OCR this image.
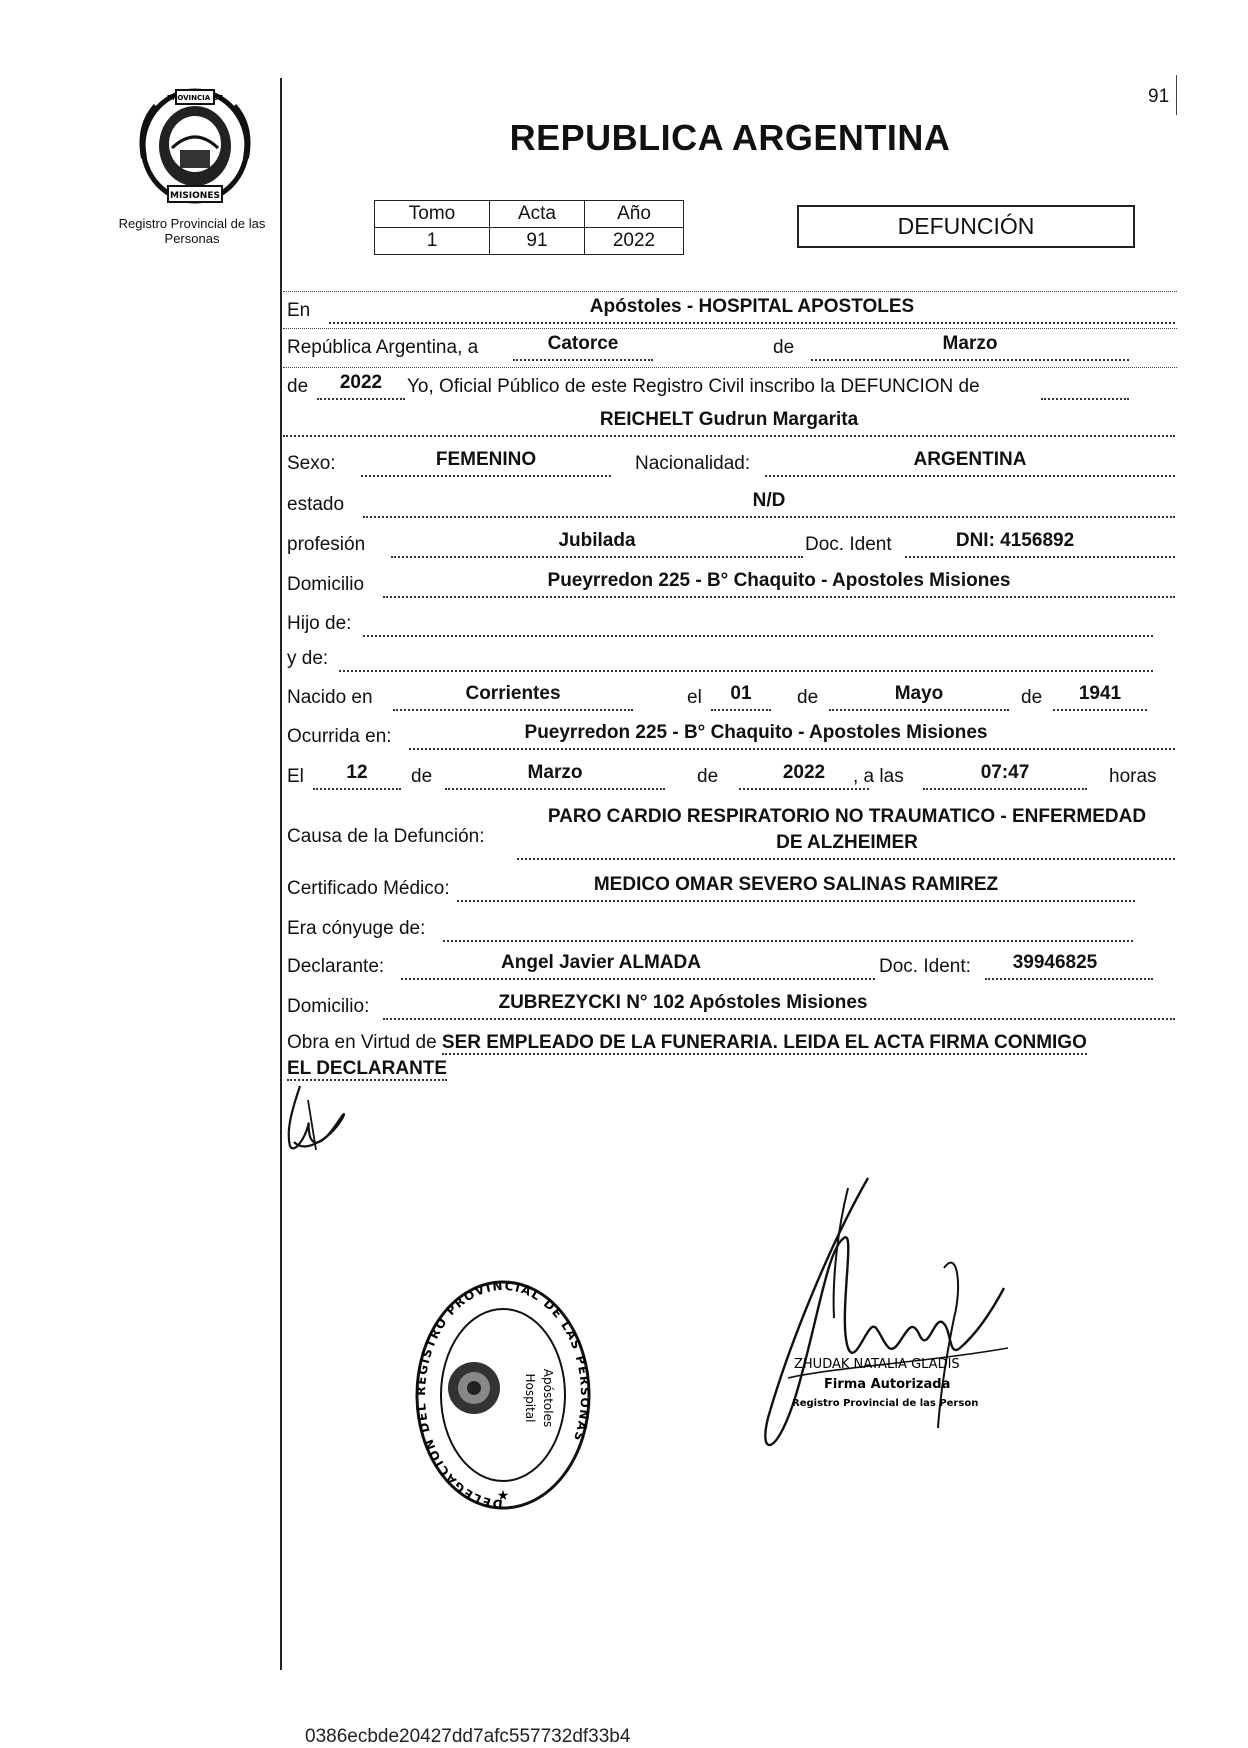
91
PROVINCIA DE
MISIONES
Registro Provincial de las Personas
REPUBLICA ARGENTINA
Tomo	Acta	Año
1	91	2022
DEFUNCIÓN
En	Apóstoles - HOSPITAL APOSTOLES
República Argentina, a	Catorce	de	Marzo
de	2022	Yo, Oficial Público de este Registro Civil inscribo la DEFUNCION de
REICHELT Gudrun Margarita
Sexo:	FEMENINO	Nacionalidad:	ARGENTINA
estado	N/D
profesión	Jubilada	Doc. Ident	DNI: 4156892
Domicilio	Pueyrredon 225 - B° Chaquito - Apostoles Misiones
Hijo de:
y de:
Nacido en	Corrientes	el	01	de	Mayo	de	1941
Ocurrida en:	Pueyrredon 225 - B° Chaquito - Apostoles Misiones
El	12	de	Marzo	de	2022	, a las	07:47	horas
Causa de la Defunción:
PARO CARDIO RESPIRATORIO NO TRAUMATICO - ENFERMEDAD
DE ALZHEIMER
Certificado Médico:	MEDICO OMAR SEVERO SALINAS RAMIREZ
Era cónyuge de:
Declarante:	Angel Javier ALMADA	Doc. Ident:	39946825
Domicilio:	ZUBREZYCKI N° 102 Apóstoles Misiones
Obra en Virtud de SER EMPLEADO DE LA FUNERARIA. LEIDA EL ACTA FIRMA CONMIGO
EL DECLARANTE
DELEGACION DEL REGISTRO PROVINCIAL DE LAS PERSONAS
Hospital Apóstoles
★
ZHUDAK NATALIA GLADIS
Firma Autorizada
Registro Provincial de las Person
0386ecbde20427dd7afc557732df33b4
